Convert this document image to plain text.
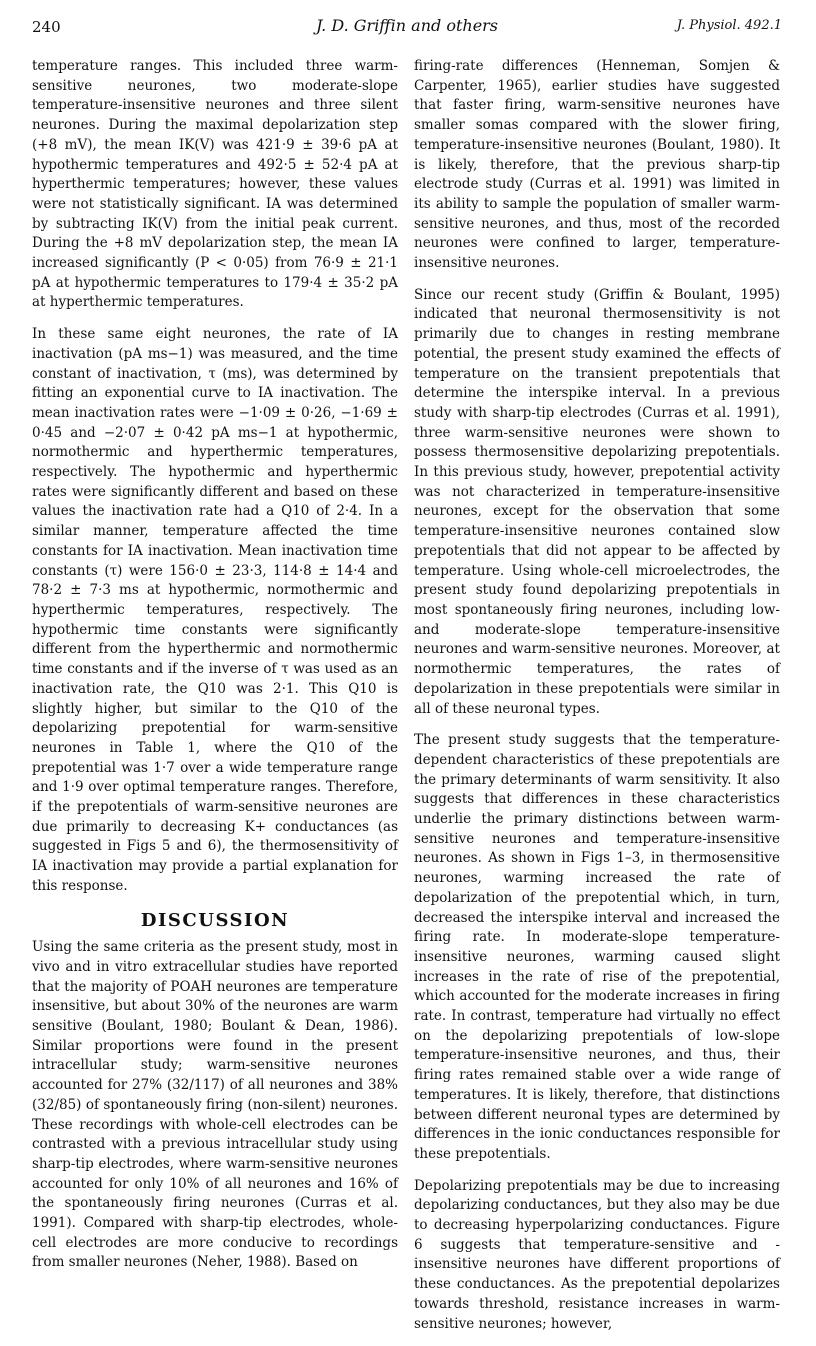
240	J. D. Griffin and others	J. Physiol. 492.1

temperature ranges. This included three warm-sensitive neurones, two moderate-slope temperature-insensitive neurones and three silent neurones. During the maximal depolarization step (+8 mV), the mean IK(V) was 421·9 ± 39·6 pA at hypothermic temperatures and 492·5 ± 52·4 pA at hyperthermic temperatures; however, these values were not statistically significant. IA was determined by subtracting IK(V) from the initial peak current. During the +8 mV depolarization step, the mean IA increased significantly (P < 0·05) from 76·9 ± 21·1 pA at hypothermic temperatures to 179·4 ± 35·2 pA at hyperthermic temperatures.

In these same eight neurones, the rate of IA inactivation (pA ms−1) was measured, and the time constant of inactivation, τ (ms), was determined by fitting an exponential curve to IA inactivation. The mean inactivation rates were −1·09 ± 0·26, −1·69 ± 0·45 and −2·07 ± 0·42 pA ms−1 at hypothermic, normothermic and hyperthermic temperatures, respectively. The hypothermic and hyperthermic rates were significantly different and based on these values the inactivation rate had a Q10 of 2·4. In a similar manner, temperature affected the time constants for IA inactivation. Mean inactivation time constants (τ) were 156·0 ± 23·3, 114·8 ± 14·4 and 78·2 ± 7·3 ms at hypothermic, normothermic and hyperthermic temperatures, respectively. The hypothermic time constants were significantly different from the hyperthermic and normothermic time constants and if the inverse of τ was used as an inactivation rate, the Q10 was 2·1. This Q10 is slightly higher, but similar to the Q10 of the depolarizing prepotential for warm-sensitive neurones in Table 1, where the Q10 of the prepotential was 1·7 over a wide temperature range and 1·9 over optimal temperature ranges. Therefore, if the prepotentials of warm-sensitive neurones are due primarily to decreasing K+ conductances (as suggested in Figs 5 and 6), the thermosensitivity of IA inactivation may provide a partial explanation for this response.

DISCUSSION

Using the same criteria as the present study, most in vivo and in vitro extracellular studies have reported that the majority of POAH neurones are temperature insensitive, but about 30% of the neurones are warm sensitive (Boulant, 1980; Boulant & Dean, 1986). Similar proportions were found in the present intracellular study; warm-sensitive neurones accounted for 27% (32/117) of all neurones and 38% (32/85) of spontaneously firing (non-silent) neurones. These recordings with whole-cell electrodes can be contrasted with a previous intracellular study using sharp-tip electrodes, where warm-sensitive neurones accounted for only 10% of all neurones and 16% of the spontaneously firing neurones (Curras et al. 1991). Compared with sharp-tip electrodes, whole-cell electrodes are more conducive to recordings from smaller neurones (Neher, 1988). Based on

firing-rate differences (Henneman, Somjen & Carpenter, 1965), earlier studies have suggested that faster firing, warm-sensitive neurones have smaller somas compared with the slower firing, temperature-insensitive neurones (Boulant, 1980). It is likely, therefore, that the previous sharp-tip electrode study (Curras et al. 1991) was limited in its ability to sample the population of smaller warm-sensitive neurones, and thus, most of the recorded neurones were confined to larger, temperature-insensitive neurones.

Since our recent study (Griffin & Boulant, 1995) indicated that neuronal thermosensitivity is not primarily due to changes in resting membrane potential, the present study examined the effects of temperature on the transient prepotentials that determine the interspike interval. In a previous study with sharp-tip electrodes (Curras et al. 1991), three warm-sensitive neurones were shown to possess thermosensitive depolarizing prepotentials. In this previous study, however, prepotential activity was not characterized in temperature-insensitive neurones, except for the observation that some temperature-insensitive neurones contained slow prepotentials that did not appear to be affected by temperature. Using whole-cell microelectrodes, the present study found depolarizing prepotentials in most spontaneously firing neurones, including low- and moderate-slope temperature-insensitive neurones and warm-sensitive neurones. Moreover, at normothermic temperatures, the rates of depolarization in these prepotentials were similar in all of these neuronal types.

The present study suggests that the temperature-dependent characteristics of these prepotentials are the primary determinants of warm sensitivity. It also suggests that differences in these characteristics underlie the primary distinctions between warm-sensitive neurones and temperature-insensitive neurones. As shown in Figs 1–3, in thermosensitive neurones, warming increased the rate of depolarization of the prepotential which, in turn, decreased the interspike interval and increased the firing rate. In moderate-slope temperature-insensitive neurones, warming caused slight increases in the rate of rise of the prepotential, which accounted for the moderate increases in firing rate. In contrast, temperature had virtually no effect on the depolarizing prepotentials of low-slope temperature-insensitive neurones, and thus, their firing rates remained stable over a wide range of temperatures. It is likely, therefore, that distinctions between different neuronal types are determined by differences in the ionic conductances responsible for these prepotentials.

Depolarizing prepotentials may be due to increasing depolarizing conductances, but they also may be due to decreasing hyperpolarizing conductances. Figure 6 suggests that temperature-sensitive and -insensitive neurones have different proportions of these conductances. As the prepotential depolarizes towards threshold, resistance increases in warm-sensitive neurones; however,
